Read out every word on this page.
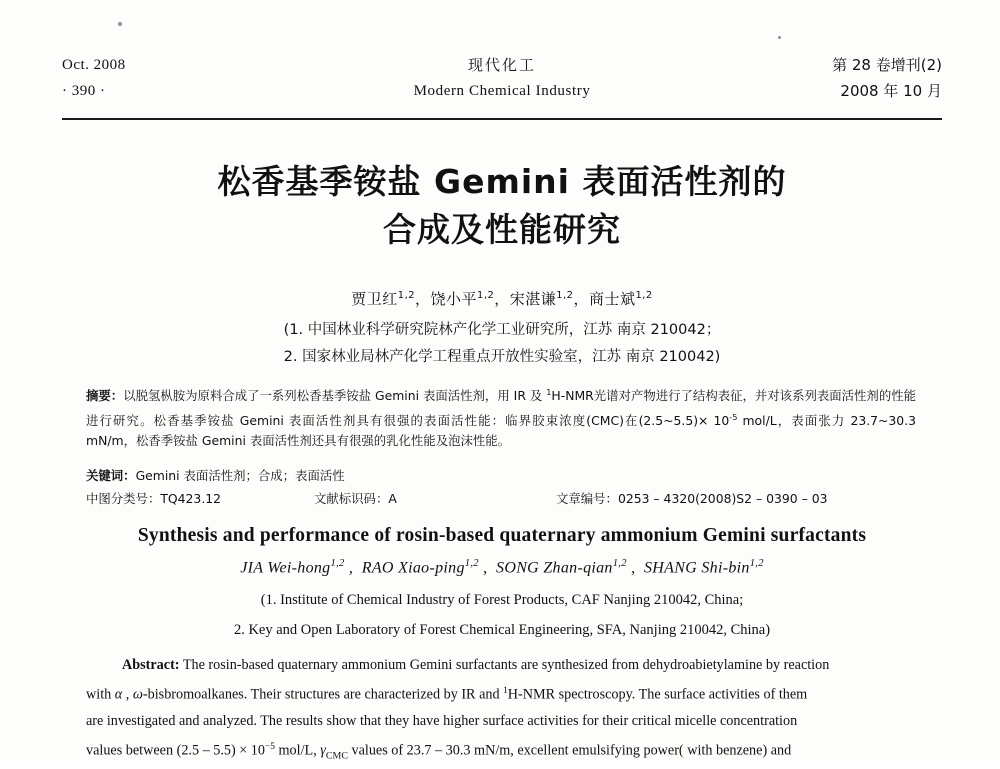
Oct. 2008
· 390 ·
现代化工
Modern Chemical Industry
第 28 卷增刊(2)
2008 年 10 月
松香基季铵盐 Gemini 表面活性剂的
合成及性能研究
贾卫红$^{1,2}$，饶小平$^{1,2}$，宋湛谦$^{1,2}$，商士斌$^{1,2}$
(1. 中国林业科学研究院林产化学工业研究所，江苏 南京 210042；
2. 国家林业局林产化学工程重点开放性实验室，江苏 南京 210042)
摘要：以脱氢枞胺为原料合成了一系列松香基季铵盐 Gemini 表面活性剂，用 IR 及 $^1$H-NMR光谱对产物进行了结构表征，并对该系列表面活性剂的性能进行研究。松香基季铵盐 Gemini 表面活性剂具有很强的表面活性能：临界胶束浓度(CMC)在(2.5~5.5)× $10^{-5}$ mol/L，表面张力 23.7~30.3 mN/m，松香季铵盐 Gemini 表面活性剂还具有很强的乳化性能及泡沫性能。
关键词：Gemini 表面活性剂；合成；表面活性
中图分类号：TQ423.12	文献标识码：A	文章编号：0253 – 4320(2008)S2 – 0390 – 03
Synthesis and performance of rosin-based quaternary ammonium Gemini surfactants
JIA Wei-hong$^{1,2}$ ,  RAO Xiao-ping$^{1,2}$ ,  SONG Zhan-qian$^{1,2}$ ,  SHANG Shi-bin$^{1,2}$
(1. Institute of Chemical Industry of Forest Products, CAF Nanjing 210042, China;
2. Key and Open Laboratory of Forest Chemical Engineering, SFA, Nanjing 210042, China)

Abstract: The rosin-based quaternary ammonium Gemini surfactants are synthesized from dehydroabietylamine by reaction
with α , ω-bisbromoalkanes. Their structures are characterized by IR and $^1$H-NMR spectroscopy. The surface activities of them
are investigated and analyzed. The results show that they have higher surface activities for their critical micelle concentration
values between $(2.5 - 5.5) \times 10^{-5}$ mol/L, $\gamma_{CMC}$ values of 23.7 – 30.3 mN/m, excellent emulsifying power( with benzene) and
